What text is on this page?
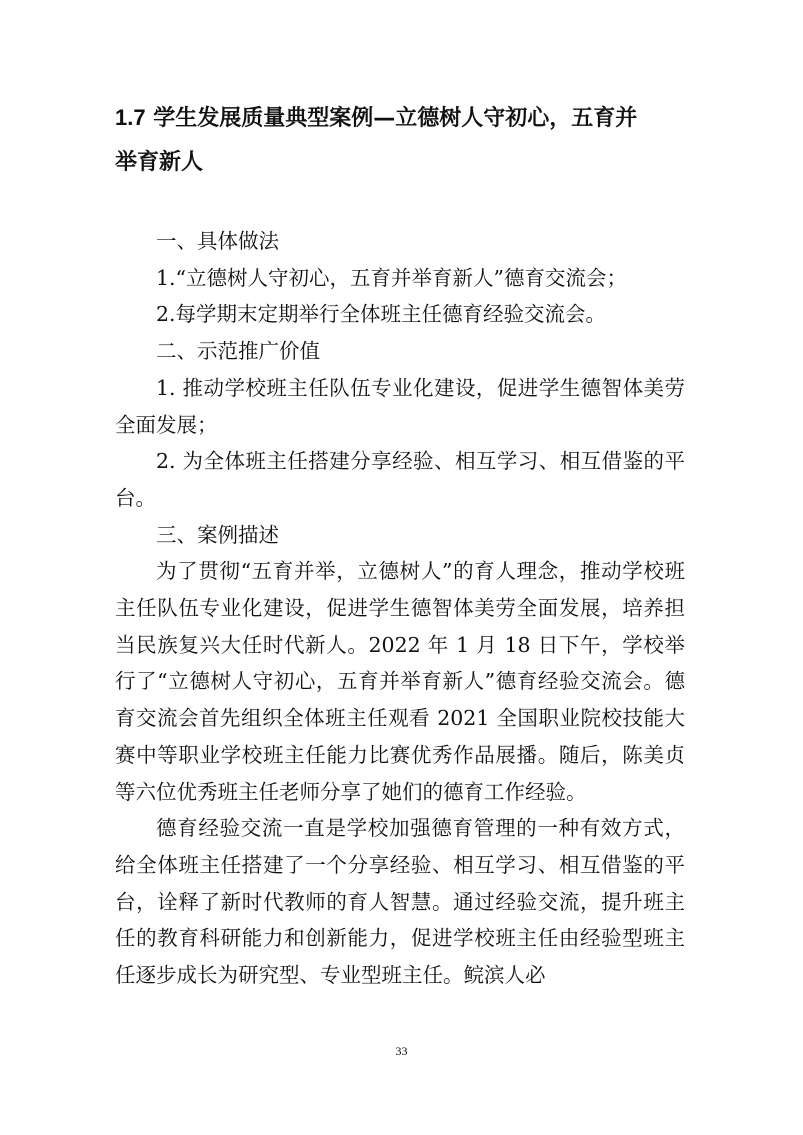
1.7 学生发展质量典型案例—立德树人守初心，五育并
举育新人

一、具体做法

1.“立德树人守初心，五育并举育新人”德育交流会；

2.每学期末定期举行全体班主任德育经验交流会。

二、示范推广价值

1. 推动学校班主任队伍专业化建设，促进学生德智体美劳全面发展；

2. 为全体班主任搭建分享经验、相互学习、相互借鉴的平台。

三、案例描述

为了贯彻“五育并举，立德树人”的育人理念，推动学校班主任队伍专业化建设，促进学生德智体美劳全面发展，培养担当民族复兴大任时代新人。2022 年 1 月 18 日下午，学校举行了“立德树人守初心，五育并举育新人”德育经验交流会。德育交流会首先组织全体班主任观看 2021 全国职业院校技能大赛中等职业学校班主任能力比赛优秀作品展播。随后，陈美贞等六位优秀班主任老师分享了她们的德育工作经验。

德育经验交流一直是学校加强德育管理的一种有效方式，给全体班主任搭建了一个分享经验、相互学习、相互借鉴的平台，诠释了新时代教师的育人智慧。通过经验交流，提升班主任的教育科研能力和创新能力，促进学校班主任由经验型班主任逐步成长为研究型、专业型班主任。鲩滨人必

33
